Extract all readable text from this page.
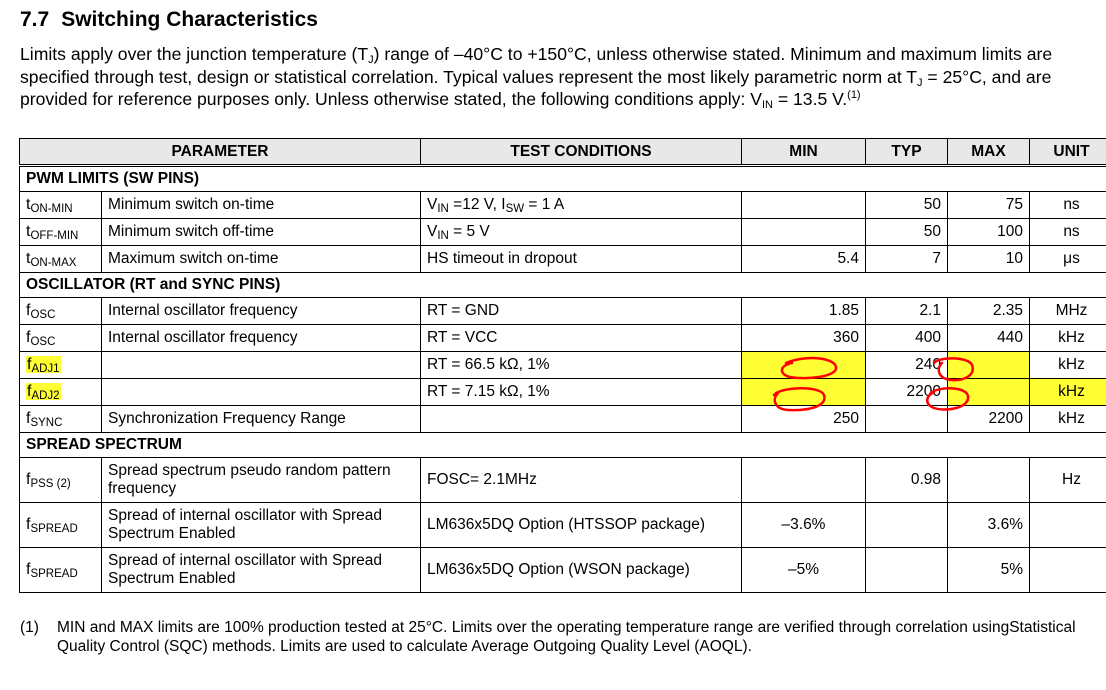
7.7 Switching Characteristics
Limits apply over the junction temperature $(T_J)$ range of –40°C to +150°C, unless otherwise stated. Minimum and maximum limits are specified through test, design or statistical correlation. Typical values represent the most likely parametric norm at $T_J = 25^\circ C$, and are provided for reference purposes only. Unless otherwise stated, the following conditions apply: $V_{IN} = 13.5$ V.$^{(1)}$
PARAMETER		TEST CONDITIONS	MIN	TYP	MAX	UNIT
PWM LIMITS (SW PINS)						
$t_{ON-MIN}$	Minimum switch on-time	$V_{IN} =12$ V, $I_{SW} = 1$ A		50	75	ns
$t_{OFF-MIN}$	Minimum switch off-time	$V_{IN} = 5$ V		50	100	ns
$t_{ON-MAX}$	Maximum switch on-time	HS timeout in dropout	5.4	7	10	μs
OSCILLATOR (RT and SYNC PINS)						
$f_{OSC}$	Internal oscillator frequency	RT = GND	1.85	2.1	2.35	MHz
$f_{OSC}$	Internal oscillator frequency	RT = VCC	360	400	440	kHz
$f_{ADJ1}$		RT = 66.5 kΩ, 1%		240		kHz
$f_{ADJ2}$		RT = 7.15 kΩ, 1%		2200		kHz
$f_{SYNC}$	Synchronization Frequency Range		250		2200	kHz
SPREAD SPECTRUM						
$f_{PSS (2)}$	Spread spectrum pseudo random pattern frequency	FOSC= 2.1MHz		0.98		Hz
$f_{SPREAD}$	Spread of internal oscillator with Spread Spectrum Enabled	LM636x5DQ Option (HTSSOP package)	–3.6%		3.6%	
$f_{SPREAD}$	Spread of internal oscillator with Spread Spectrum Enabled	LM636x5DQ Option (WSON package)	–5%		5%	
(1) MIN and MAX limits are 100% production tested at 25°C. Limits over the operating temperature range are verified through correlation usingStatistical Quality Control (SQC) methods. Limits are used to calculate Average Outgoing Quality Level (AOQL).
